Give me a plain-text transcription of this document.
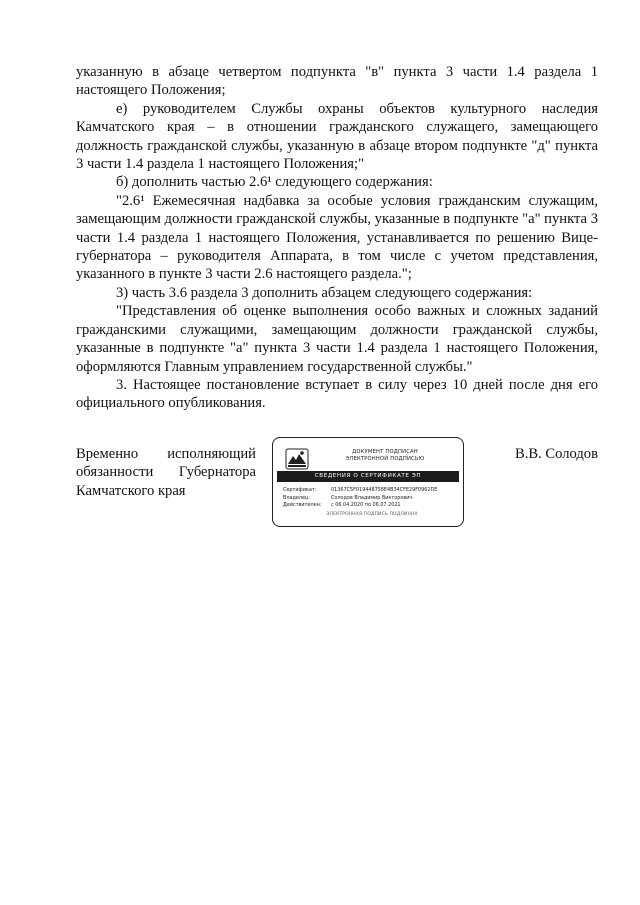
указанную в абзаце четвертом подпункта "в" пункта 3 части 1.4 раздела 1 настоящего Положения;

е) руководителем Службы охраны объектов культурного наследия Камчатского края – в отношении гражданского служащего, замещающего должность гражданской службы, указанную в абзаце втором подпункте "д" пункта 3 части 1.4 раздела 1 настоящего Положения;"

б) дополнить частью 2.6¹ следующего содержания:

"2.6¹ Ежемесячная надбавка за особые условия гражданским служащим, замещающим должности гражданской службы, указанные в подпункте "а" пункта 3 части 1.4 раздела 1 настоящего Положения, устанавливается по решению Вице-губернатора – руководителя Аппарата, в том числе с учетом представления, указанного в пункте 3 части 2.6 настоящего раздела.";

3) часть 3.6 раздела 3 дополнить абзацем следующего содержания:

"Представления об оценке выполнения особо важных и сложных заданий гражданскими служащими, замещающим должности гражданской службы, указанные в подпункте "а" пункта 3 части 1.4 раздела 1 настоящего Положения, оформляются Главным управлением государственной службы."

3. Настоящее постановление вступает в силу через 10 дней после дня его официального опубликования.

Временно исполняющий
обязанности Губернатора
Камчатского края
ДОКУМЕНТ ПОДПИСАН
ЭЛЕКТРОННОЙ ПОДПИСЬЮ
СВЕДЕНИЯ О СЕРТИФИКАТЕ ЭП
Сертификат:	01367C5F019448758E4B34CFE29F0962DE
Владелец:	Солодов Владимир Викторович
Действителен:	с 06.04.2020 по 06.07.2021
ЭЛЕКТРОННАЯ ПОДПИСЬ ПОДЛИННА
В.В. Солодов
